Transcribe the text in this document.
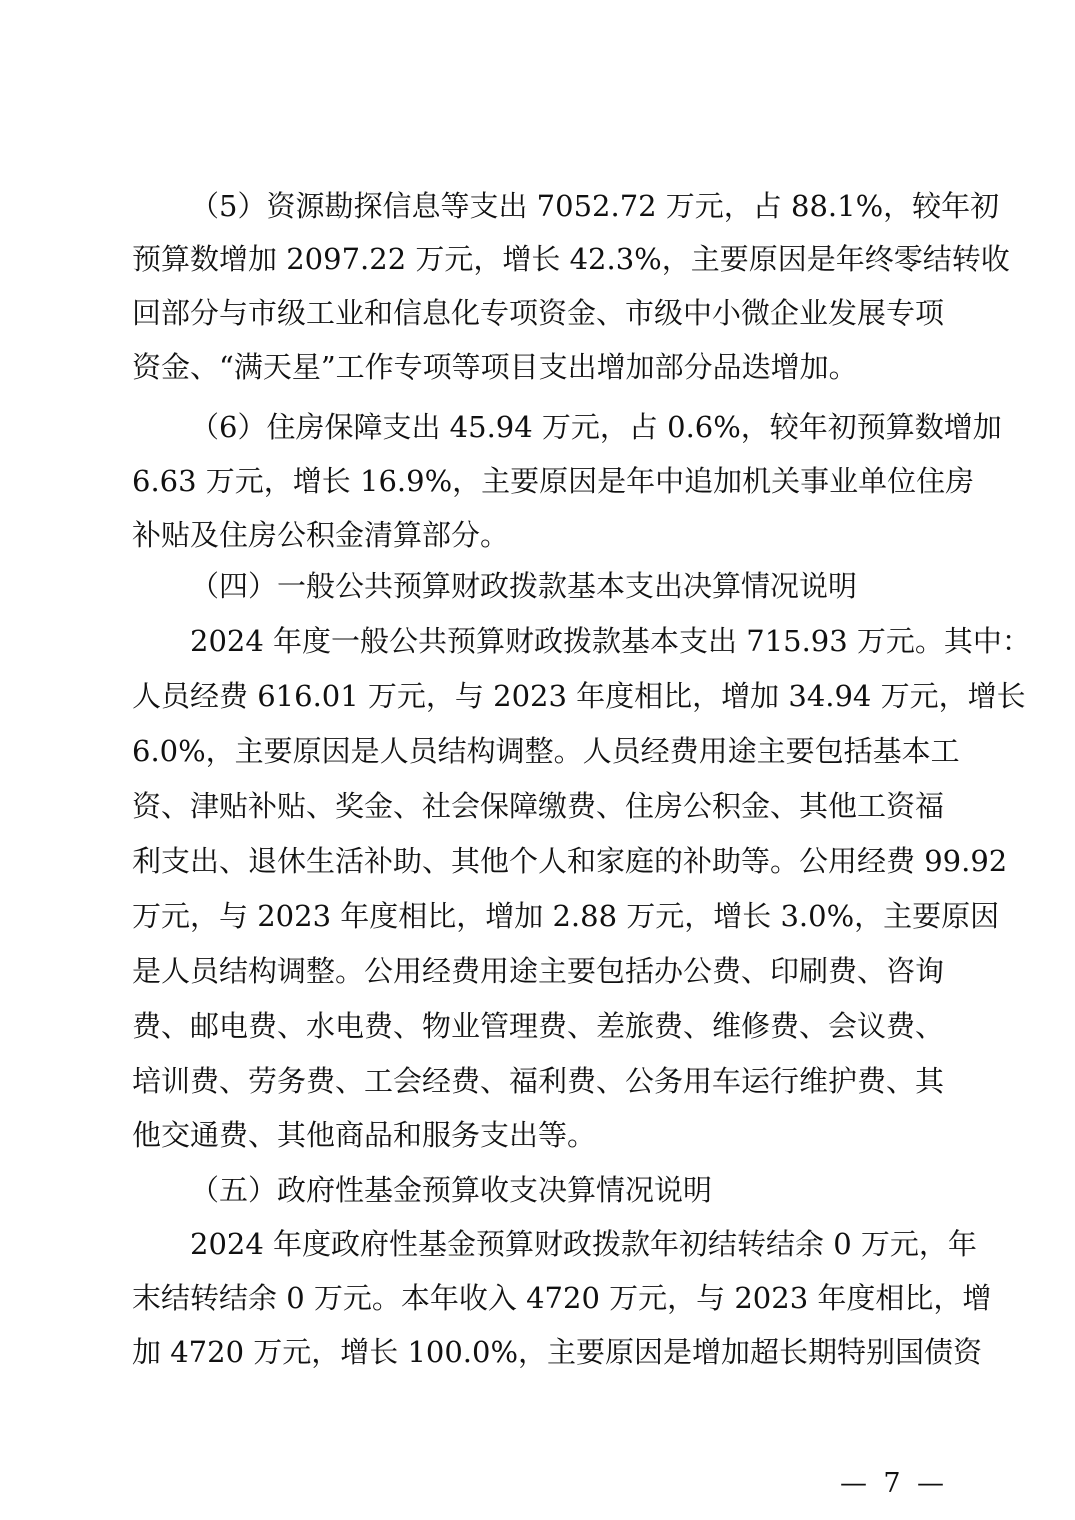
（5）资源勘探信息等支出 7052.72 万元，占 88.1%，较年初
预算数增加 2097.22 万元，增长 42.3%，主要原因是年终零结转收
回部分与市级工业和信息化专项资金、市级中小微企业发展专项
资金、“满天星”工作专项等项目支出增加部分品迭增加。
（6）住房保障支出 45.94 万元，占 0.6%，较年初预算数增加
6.63 万元，增长 16.9%，主要原因是年中追加机关事业单位住房
补贴及住房公积金清算部分。
（四）一般公共预算财政拨款基本支出决算情况说明
2024 年度一般公共预算财政拨款基本支出 715.93 万元。其中：
人员经费 616.01 万元，与 2023 年度相比，增加 34.94 万元，增长
6.0%，主要原因是人员结构调整。人员经费用途主要包括基本工
资、津贴补贴、奖金、社会保障缴费、住房公积金、其他工资福
利支出、退休生活补助、其他个人和家庭的补助等。公用经费 99.92
万元，与 2023 年度相比，增加 2.88 万元，增长 3.0%，主要原因
是人员结构调整。公用经费用途主要包括办公费、印刷费、咨询
费、邮电费、水电费、物业管理费、差旅费、维修费、会议费、
培训费、劳务费、工会经费、福利费、公务用车运行维护费、其
他交通费、其他商品和服务支出等。
（五）政府性基金预算收支决算情况说明
2024 年度政府性基金预算财政拨款年初结转结余 0 万元，年
末结转结余 0 万元。本年收入 4720 万元，与 2023 年度相比，增
加 4720 万元，增长 100.0%，主要原因是增加超长期特别国债资
— 7 —
